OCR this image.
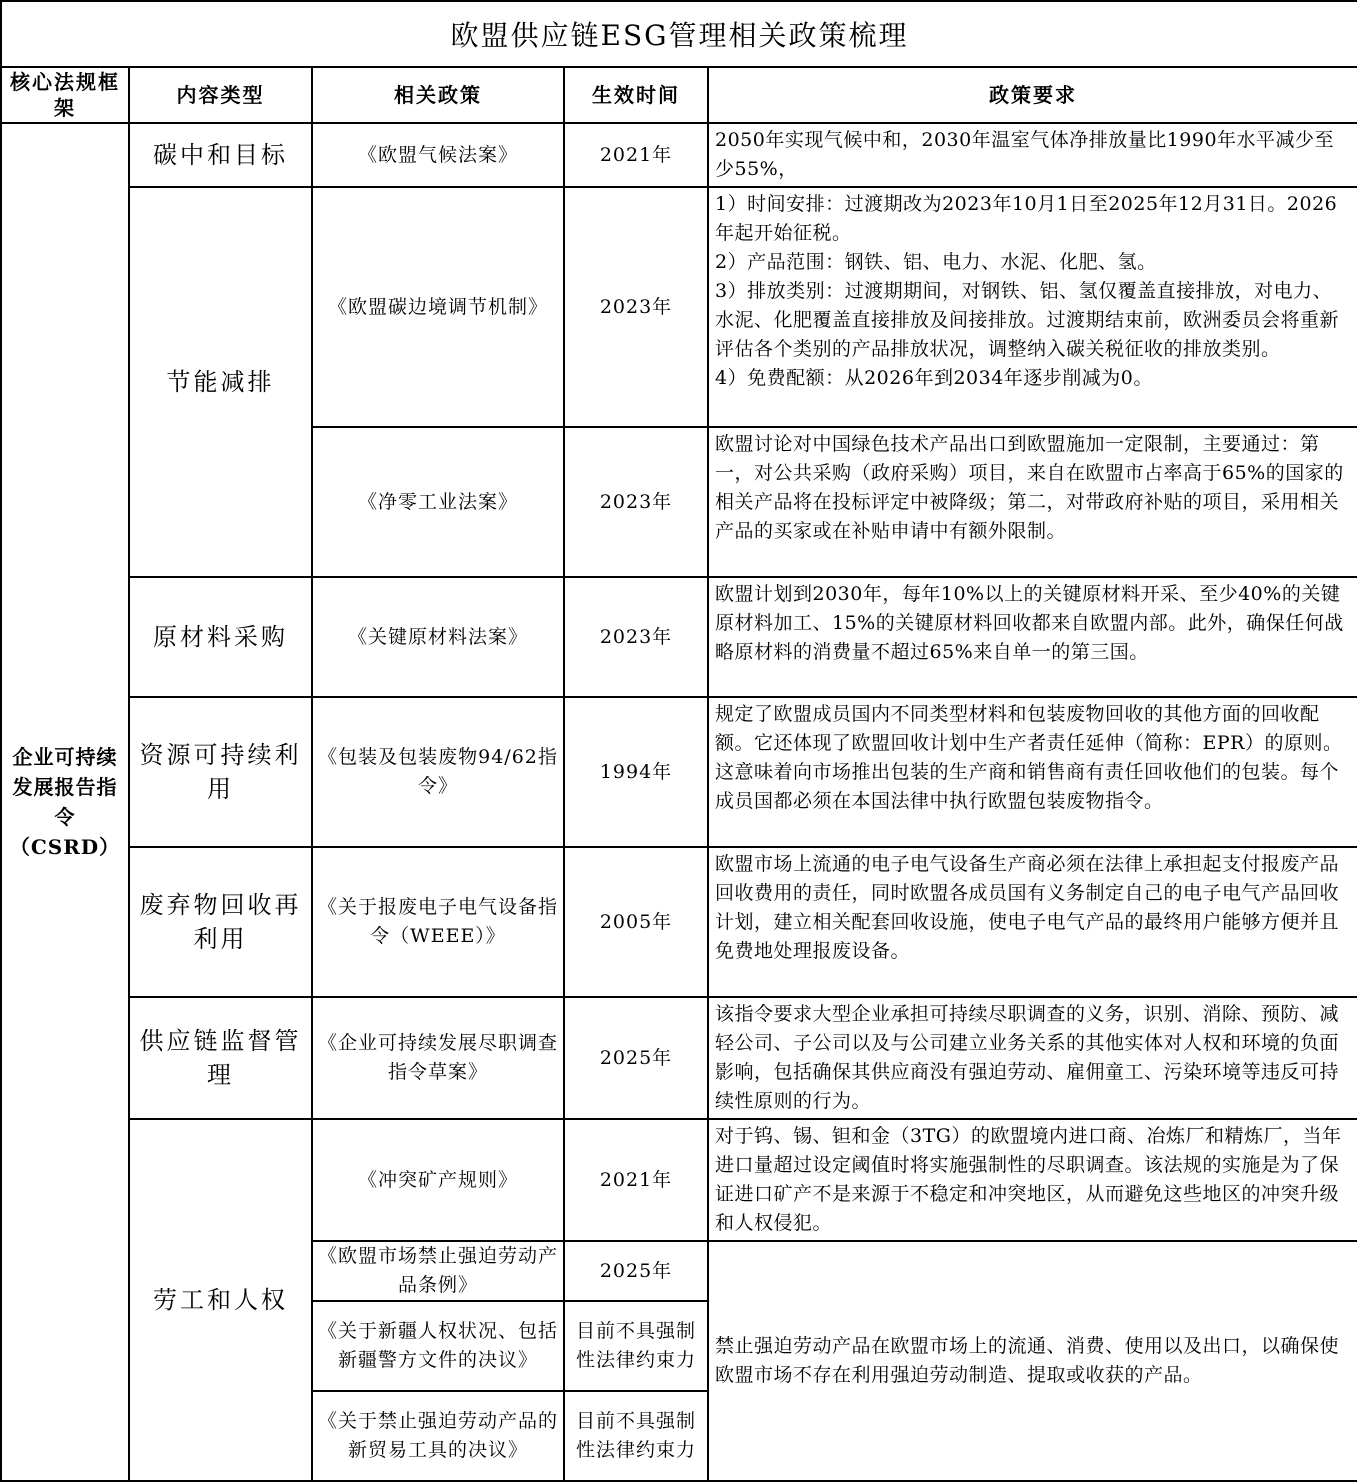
欧盟供应链ESG管理相关政策梳理				
核心法规框架	内容类型	相关政策	生效时间	政策要求
企业可持续发展报告指令（CSRD）	碳中和目标	《欧盟气候法案》	2021年	2050年实现气候中和，2030年温室气体净排放量比1990年水平减少至少55%，
	节能减排	《欧盟碳边境调节机制》	2023年	1）时间安排：过渡期改为2023年10月1日至2025年12月31日。2026年起开始征税。

2）产品范围：钢铁、铝、电力、水泥、化肥、氢。

3）排放类别：过渡期期间，对钢铁、铝、氢仅覆盖直接排放，对电力、水泥、化肥覆盖直接排放及间接排放。过渡期结束前，欧洲委员会将重新评估各个类别的产品排放状况，调整纳入碳关税征收的排放类别。

4）免费配额：从2026年到2034年逐步削减为0。

		《净零工业法案》	2023年	欧盟讨论对中国绿色技术产品出口到欧盟施加一定限制，主要通过：第一，对公共采购（政府采购）项目，来自在欧盟市占率高于65%的国家的相关产品将在投标评定中被降级；第二，对带政府补贴的项目，采用相关产品的买家或在补贴申请中有额外限制。
	原材料采购	《关键原材料法案》	2023年	欧盟计划到2030年，每年10%以上的关键原材料开采、至少40%的关键原材料加工、15%的关键原材料回收都来自欧盟内部。此外，确保任何战略原材料的消费量不超过65%来自单一的第三国。
	资源可持续利用	《包装及包装废物94/62指令》	1994年	规定了欧盟成员国内不同类型材料和包装废物回收的其他方面的回收配额。它还体现了欧盟回收计划中生产者责任延伸（简称：EPR）的原则。这意味着向市场推出包装的生产商和销售商有责任回收他们的包装。每个成员国都必须在本国法律中执行欧盟包装废物指令。
	废弃物回收再利用	《关于报废电子电气设备指令（WEEE）》	2005年	欧盟市场上流通的电子电气设备生产商必须在法律上承担起支付报废产品回收费用的责任，同时欧盟各成员国有义务制定自己的电子电气产品回收计划，建立相关配套回收设施，使电子电气产品的最终用户能够方便并且免费地处理报废设备。
	供应链监督管理	《企业可持续发展尽职调查指令草案》	2025年	该指令要求大型企业承担可持续尽职调查的义务，识别、消除、预防、减轻公司、子公司以及与公司建立业务关系的其他实体对人权和环境的负面影响，包括确保其供应商没有强迫劳动、雇佣童工、污染环境等违反可持续性原则的行为。
	劳工和人权	《冲突矿产规则》	2021年	对于钨、锡、钽和金（3TG）的欧盟境内进口商、冶炼厂和精炼厂，当年进口量超过设定阈值时将实施强制性的尽职调查。该法规的实施是为了保证进口矿产不是来源于不稳定和冲突地区，从而避免这些地区的冲突升级和人权侵犯。
		《欧盟市场禁止强迫劳动产品条例》	2025年	禁止强迫劳动产品在欧盟市场上的流通、消费、使用以及出口，以确保使欧盟市场不存在利用强迫劳动制造、提取或收获的产品。
		《关于新疆人权状况、包括新疆警方文件的决议》	目前不具强制性法律约束力	
		《关于禁止强迫劳动产品的新贸易工具的决议》	目前不具强制性法律约束力	
